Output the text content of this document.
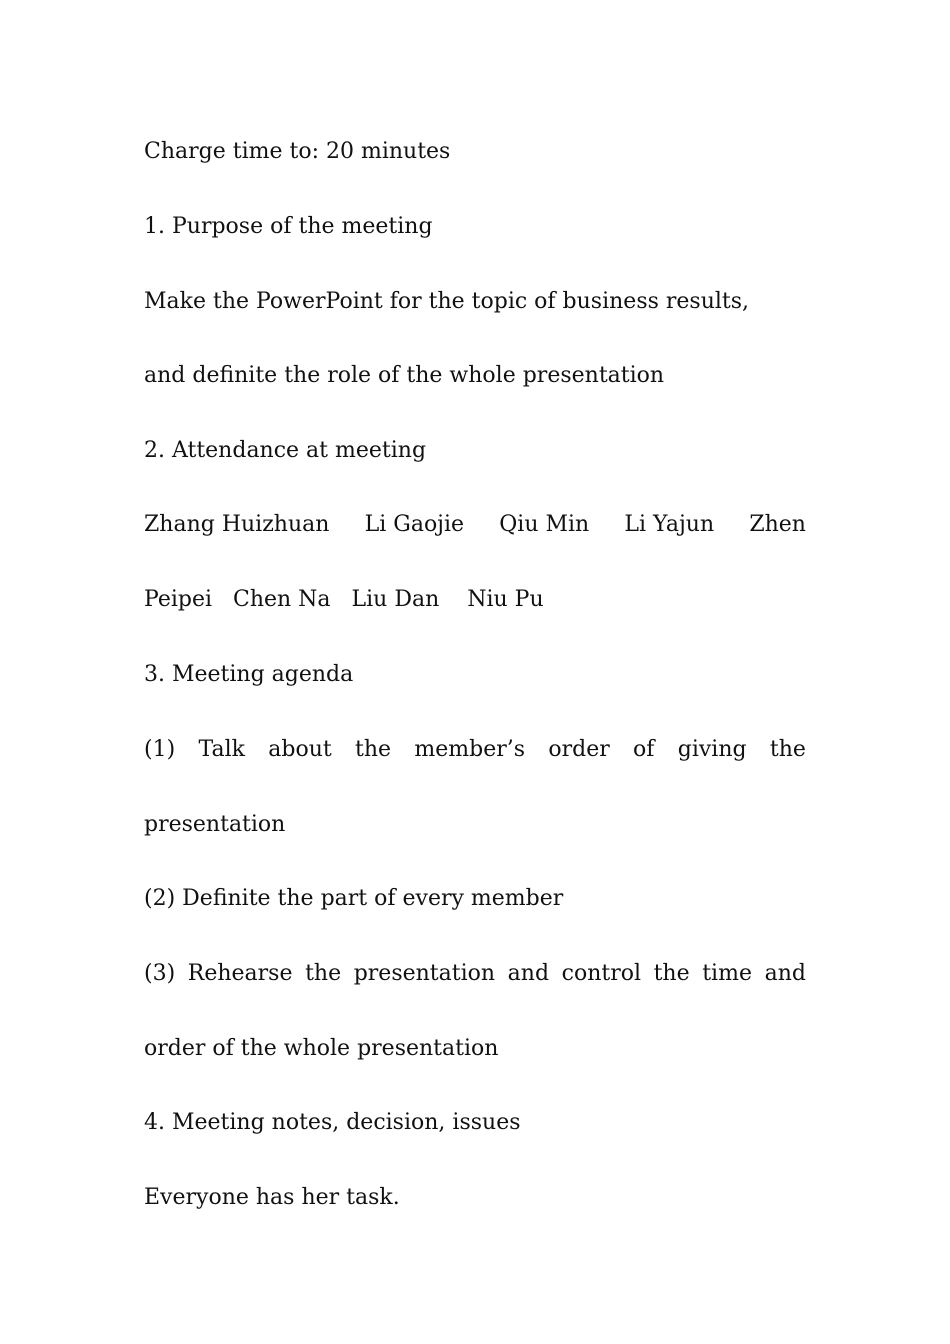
Charge time to: 20 minutes
1. Purpose of the meeting
Make the PowerPoint for the topic of business results,
and definite the role of the whole presentation
2. Attendance at meeting
Zhang Huizhuan Li Gaojie Qiu Min Li Yajun Zhen
Peipei   Chen Na   Liu Dan    Niu Pu
3. Meeting agenda
(1) Talk about the member’s order of giving the
presentation
(2) Definite the part of every member
(3) Rehearse the presentation and control the time and
order of the whole presentation
4. Meeting notes, decision, issues
Everyone has her task.
